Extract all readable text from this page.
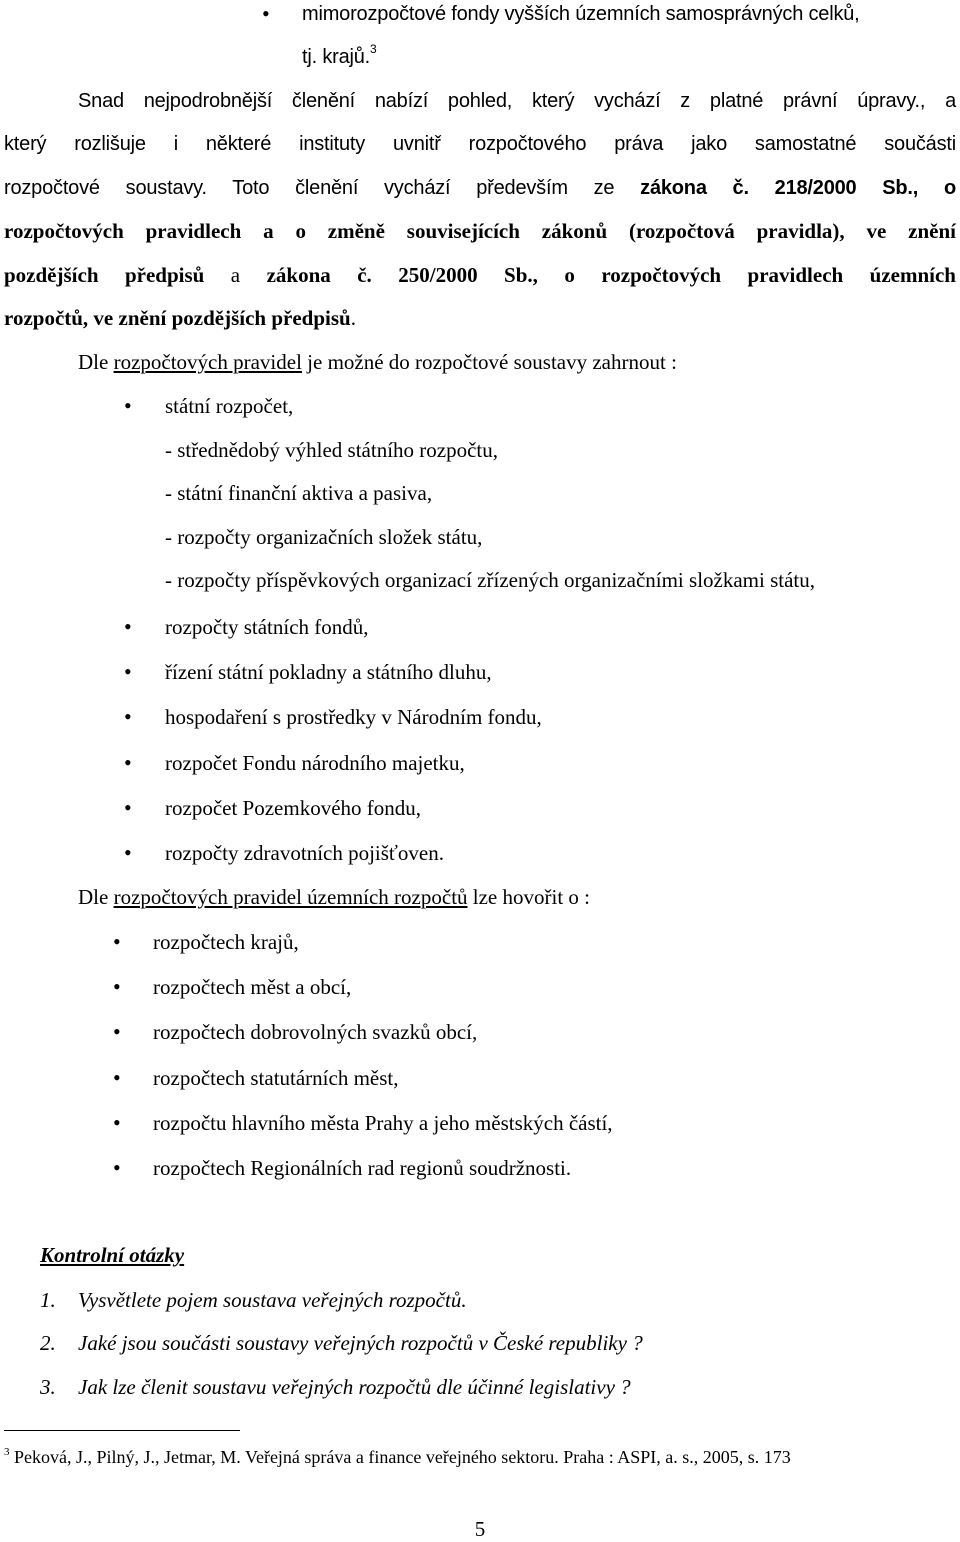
• mimorozpočtové fondy vyšších územních samosprávných celků,
tj. krajů.$^3$
Snad nejpodrobnější členění nabízí pohled, který vychází z platné právní úpravy., a
který rozlišuje i některé instituty uvnitř rozpočtového práva jako samostatné součásti
rozpočtové soustavy. Toto členění vychází především ze zákona č. 218/2000 Sb., o
rozpočtových pravidlech a o změně souvisejících zákonů (rozpočtová pravidla), ve znění
pozdějších předpisů a zákona č. 250/2000 Sb., o rozpočtových pravidlech územních
rozpočtů, ve znění pozdějších předpisů.
Dle rozpočtových pravidel je možné do rozpočtové soustavy zahrnout :
• státní rozpočet,
- střednědobý výhled státního rozpočtu,
- státní finanční aktiva a pasiva,
- rozpočty organizačních složek státu,
- rozpočty příspěvkových organizací zřízených organizačními složkami státu,
• rozpočty státních fondů,
• řízení státní pokladny a státního dluhu,
• hospodaření s prostředky v Národním fondu,
• rozpočet Fondu národního majetku,
• rozpočet Pozemkového fondu,
• rozpočty zdravotních pojišťoven.
Dle rozpočtových pravidel územních rozpočtů lze hovořit o :
• rozpočtech krajů,
• rozpočtech měst a obcí,
• rozpočtech dobrovolných svazků obcí,
• rozpočtech statutárních měst,
• rozpočtu hlavního města Prahy a jeho městských částí,
• rozpočtech Regionálních rad regionů soudržnosti.
Kontrolní otázky
1. Vysvětlete pojem soustava veřejných rozpočtů.
2. Jaké jsou součásti soustavy veřejných rozpočtů v České republiky ?
3. Jak lze členit soustavu veřejných rozpočtů dle účinné legislativy ?
$^3$ Peková, J., Pilný, J., Jetmar, M. Veřejná správa a finance veřejného sektoru. Praha : ASPI, a. s., 2005, s. 173
5
